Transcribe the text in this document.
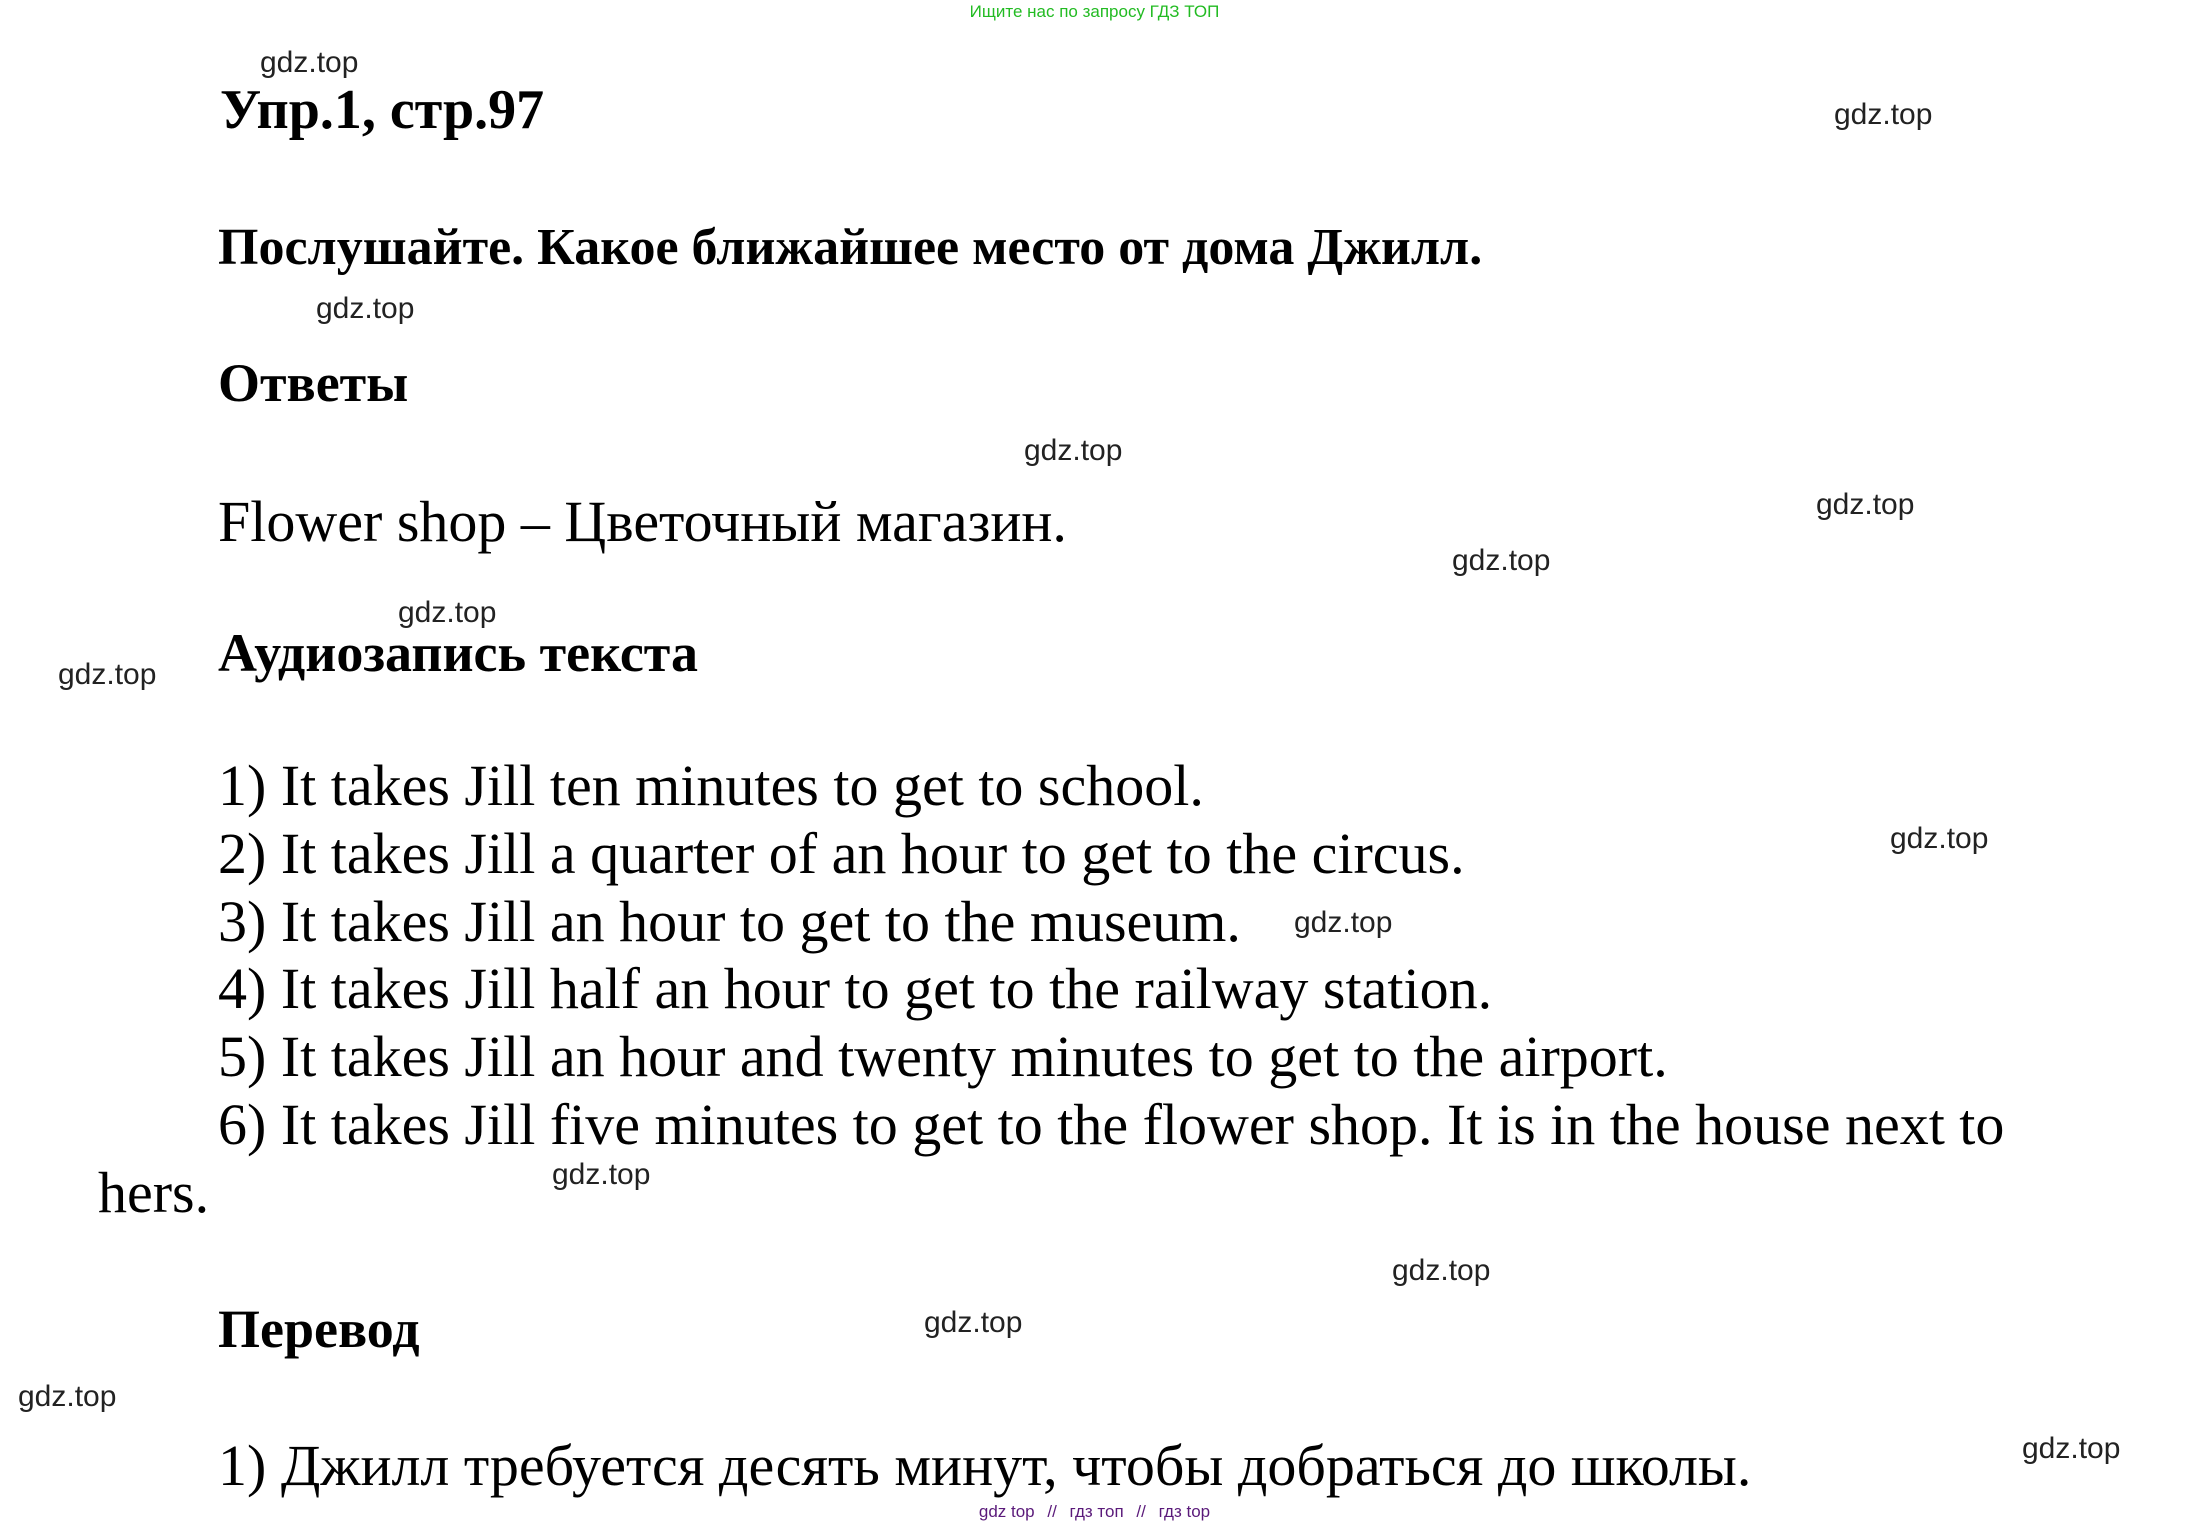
Ищите нас по запросу ГДЗ ТОП
Упр.1, стр.97
Послушайте. Какое ближайшее место от дома Джилл.
Ответы
Flower shop – Цветочный магазин.
Аудиозапись текста
1) It takes Jill ten minutes to get to school.
2) It takes Jill a quarter of an hour to get to the circus.
3) It takes Jill an hour to get to the museum.
4) It takes Jill half an hour to get to the railway station.
5) It takes Jill an hour and twenty minutes to get to the airport.
6) It takes Jill five minutes to get to the flower shop. It is in the house next to
hers.
Перевод
1) Джилл требуется десять минут, чтобы добраться до школы.
gdz.top
gdz.top
gdz.top
gdz.top
gdz.top
gdz.top
gdz.top
gdz.top
gdz.top
gdz.top
gdz.top
gdz.top
gdz.top
gdz.top
gdz.top
gdz top // гдз топ // гдз top
